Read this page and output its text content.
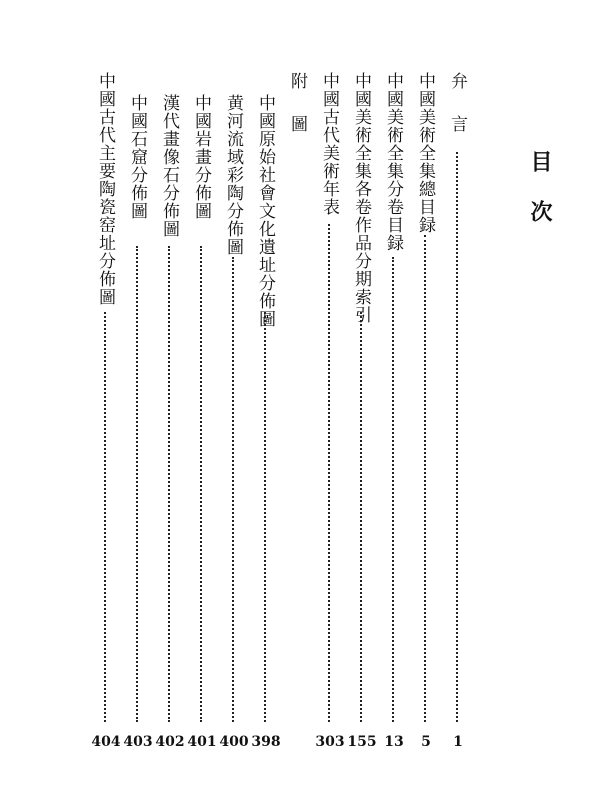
目次
弁言
1
中國美術全集總目録
5
中國美術全集分卷目録
13
中國美術全集各卷作品分期索引
155
中國古代美術年表
303
附圖
中國原始社會文化遺址分佈圖
398
黄河流域彩陶分佈圖
400
中國岩畫分佈圖
401
漢代畫像石分佈圖
402
中國石窟分佈圖
403
中國古代主要陶瓷窑址分佈圖
404
